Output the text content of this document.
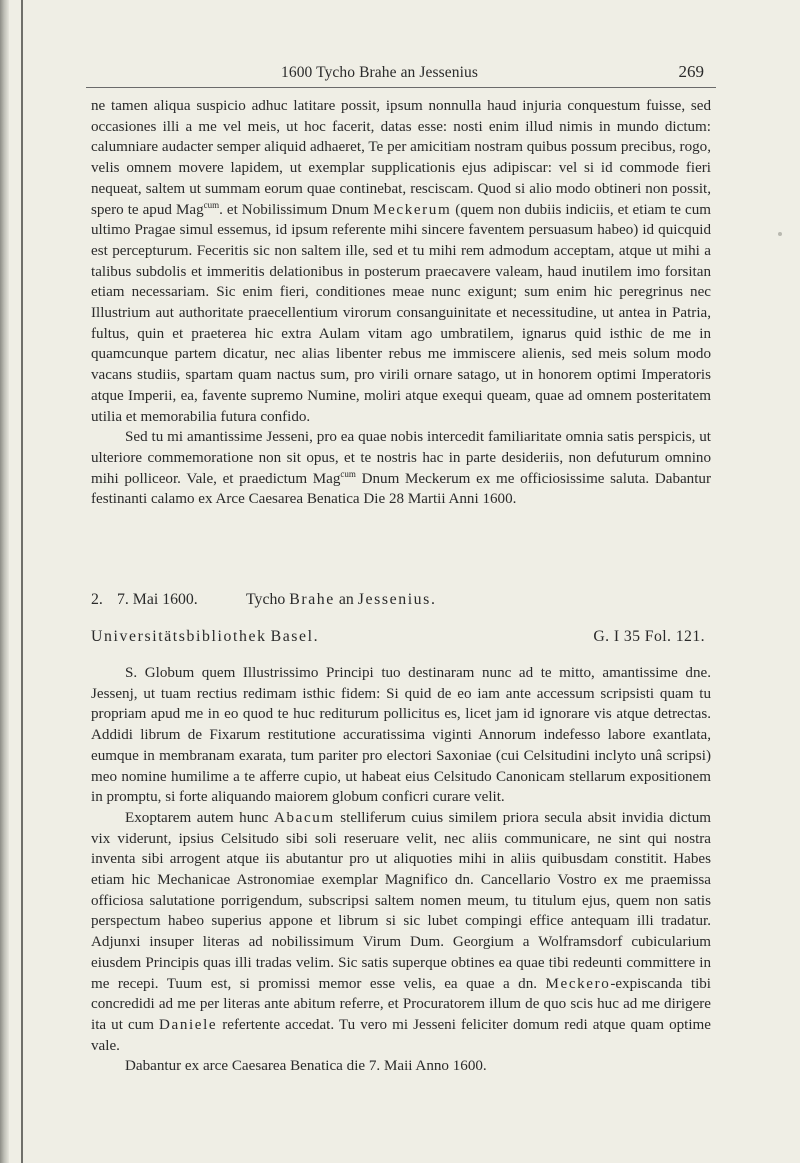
1600 Tycho Brahe an Jessenius	269

ne tamen aliqua suspicio adhuc latitare possit, ipsum nonnulla haud injuria conquestum fuisse, sed occasiones illi a me vel meis, ut hoc facerit, datas esse: nosti enim illud nimis in mundo dictum: calumniare audacter semper aliquid adhaeret, Te per amicitiam nostram quibus possum precibus, rogo, velis omnem movere lapidem, ut exemplar supplicationis ejus adipiscar: vel si id commode fieri nequeat, saltem ut summam eorum quae continebat, resciscam. Quod si alio modo obtineri non possit, spero te apud Mag$^{cum}$. et Nobilissimum Dnum Meckerum (quem non dubiis indiciis, et etiam te cum ultimo Pragae simul essemus, id ipsum referente mihi sincere faventem persuasum habeo) id quicquid est percepturum. Feceritis sic non saltem ille, sed et tu mihi rem admodum acceptam, atque ut mihi a talibus subdolis et immeritis delationibus in posterum praecavere valeam, haud inutilem imo forsitan etiam necessariam. Sic enim fieri, conditiones meae nunc exigunt; sum enim hic peregrinus nec Illustrium aut authoritate praecellentium virorum consanguinitate et necessitudine, ut antea in Patria, fultus, quin et praeterea hic extra Aulam vitam ago umbratilem, ignarus quid isthic de me in quamcunque partem dicatur, nec alias libenter rebus me immiscere alienis, sed meis solum modo vacans studiis, spartam quam nactus sum, pro virili ornare satago, ut in honorem optimi Imperatoris atque Imperii, ea, favente supremo Numine, moliri atque exequi queam, quae ad omnem posteritatem utilia et memorabilia futura confido.

Sed tu mi amantissime Jesseni, pro ea quae nobis intercedit familiaritate omnia satis perspicis, ut ulteriore commemoratione non sit opus, et te nostris hac in parte desideriis, non defuturum omnino mihi polliceor. Vale, et praedictum Mag$^{cum}$ Dnum Meckerum ex me officiosissime saluta. Dabantur festinanti calamo ex Arce Caesarea Benatica Die 28 Martii Anni 1600.

2. 7. Mai 1600.	Tycho Brahe an Jessenius.
Universitätsbibliothek Basel.	G. I 35 Fol. 121.

S. Globum quem Illustrissimo Principi tuo destinaram nunc ad te mitto, amantissime dne. Jessenj, ut tuam rectius redimam isthic fidem: Si quid de eo iam ante accessum scripsisti quam tu propriam apud me in eo quod te huc rediturum pollicitus es, licet jam id ignorare vis atque detrectas. Addidi librum de Fixarum restitutione accuratissima viginti Annorum indefesso labore exantlata, eumque in membranam exarata, tum pariter pro electori Saxoniae (cui Celsitudini inclyto unâ scripsi) meo nomine humilime a te afferre cupio, ut habeat eius Celsitudo Canonicam stellarum expositionem in promptu, si forte aliquando maiorem globum conficri curare velit.

Exoptarem autem hunc Abacum stelliferum cuius similem priora secula absit invidia dictum vix viderunt, ipsius Celsitudo sibi soli reseruare velit, nec aliis communicare, ne sint qui nostra inventa sibi arrogent atque iis abutantur pro ut aliquoties mihi in aliis quibusdam constitit. Habes etiam hic Mechanicae Astronomiae exemplar Magnifico dn. Cancellario Vostro ex me praemissa officiosa salutatione porrigendum, subscripsi saltem nomen meum, tu titulum ejus, quem non satis perspectum habeo superius appone et librum si sic lubet compingi effice antequam illi tradatur. Adjunxi insuper literas ad nobilissimum Virum Dum. Georgium a Wolframsdorf cubicularium eiusdem Principis quas illi tradas velim. Sic satis superque obtines ea quae tibi redeunti committere in me recepi. Tuum est, si promissi memor esse velis, ea quae a dn. Meckero-expiscanda tibi concredidi ad me per literas ante abitum referre, et Procuratorem illum de quo scis huc ad me dirigere ita ut cum Daniele refertente accedat. Tu vero mi Jesseni feliciter domum redi atque quam optime vale.

Dabantur ex arce Caesarea Benatica die 7. Maii Anno 1600.
